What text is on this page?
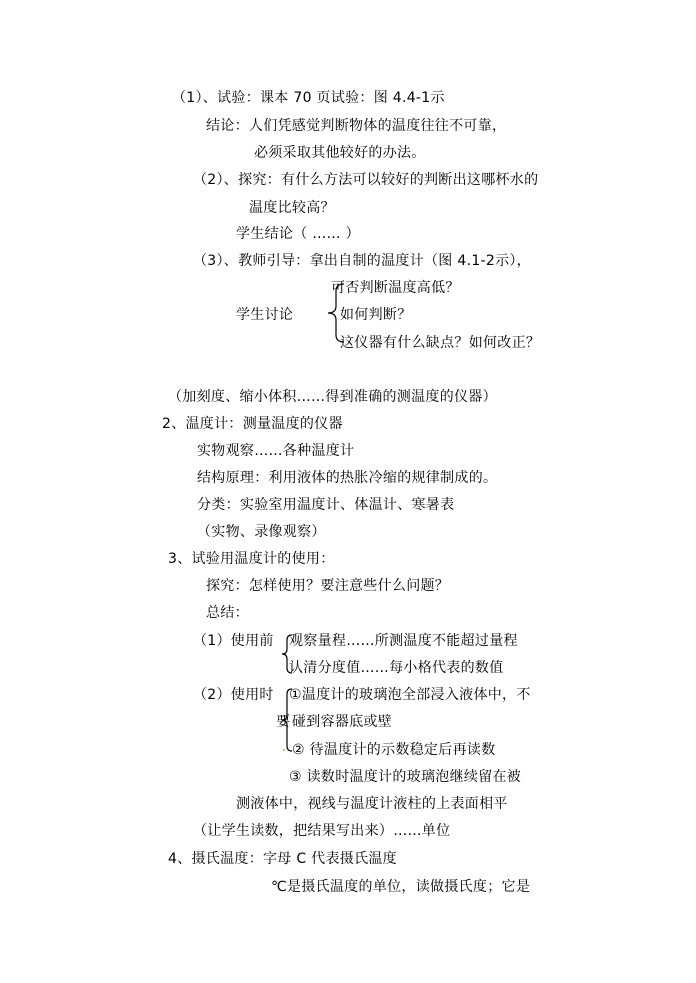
（1）、试验：课本 70 页试验：图 4.4-1示
结论：人们凭感觉判断物体的温度往往不可靠，
必须采取其他较好的办法。
（2）、探究：有什么方法可以较好的判断出这哪杯水的
温度比较高？
学生结论（ …… ）
（3）、教师引导：拿出自制的温度计（图 4.1-2示），
可否判断温度高低？
学生讨论	如何判断？
这仪器有什么缺点？如何改正？
（加刻度、缩小体积……得到准确的测温度的仪器）
2、温度计：测量温度的仪器
实物观察……各种温度计
结构原理：利用液体的热胀冷缩的规律制成的。
分类：实验室用温度计、体温计、寒暑表
（实物、录像观察）
3、试验用温度计的使用：
探究：怎样使用？要注意些什么问题？
总结：
（1）使用前 观察量程……所测温度不能超过量程
认清分度值……每小格代表的数值
（2）使用时 ①温度计的玻璃泡全部浸入液体中，不
要 碰到容器底或壁
② 待温度计的示数稳定后再读数
③ 读数时温度计的玻璃泡继续留在被
测液体中，视线与温度计液柱的上表面相平
（让学生读数，把结果写出来）……单位
4、摄氏温度：字母 C 代表摄氏温度
℃是摄氏温度的单位，读做摄氏度；它是
